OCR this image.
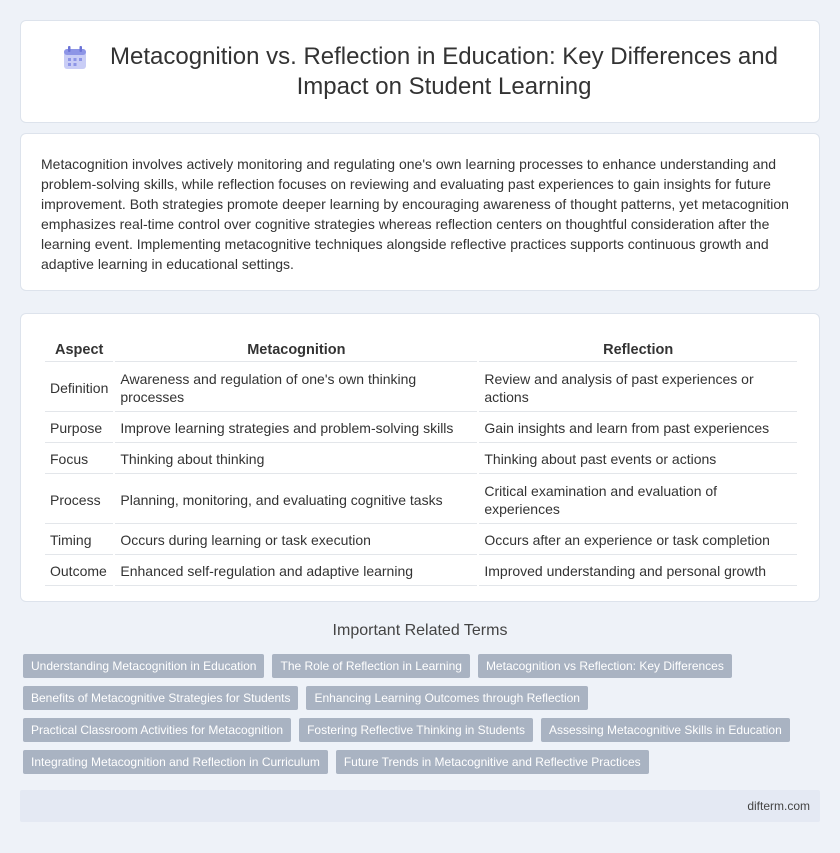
Metacognition vs. Reflection in Education: Key Differences and
Impact on Student Learning

Metacognition involves actively monitoring and regulating one's own learning processes to enhance understanding and problem-solving skills, while reflection focuses on reviewing and evaluating past experiences to gain insights for future improvement. Both strategies promote deeper learning by encouraging awareness of thought patterns, yet metacognition emphasizes real-time control over cognitive strategies whereas reflection centers on thoughtful consideration after the learning event. Implementing metacognitive techniques alongside reflective practices supports continuous growth and adaptive learning in educational settings.

Aspect	Metacognition	Reflection
Definition	Awareness and regulation of one's own thinking processes	Review and analysis of past experiences or actions
Purpose	Improve learning strategies and problem-solving skills	Gain insights and learn from past experiences
Focus	Thinking about thinking	Thinking about past events or actions
Process	Planning, monitoring, and evaluating cognitive tasks	Critical examination and evaluation of experiences
Timing	Occurs during learning or task execution	Occurs after an experience or task completion
Outcome	Enhanced self-regulation and adaptive learning	Improved understanding and personal growth
Important Related Terms
Understanding Metacognition in Education	The Role of Reflection in Learning	Metacognition vs Reflection: Key Differences
Benefits of Metacognitive Strategies for Students	Enhancing Learning Outcomes through Reflection
Practical Classroom Activities for Metacognition	Fostering Reflective Thinking in Students	Assessing Metacognitive Skills in Education
Integrating Metacognition and Reflection in Curriculum	Future Trends in Metacognitive and Reflective Practices
difterm.com
